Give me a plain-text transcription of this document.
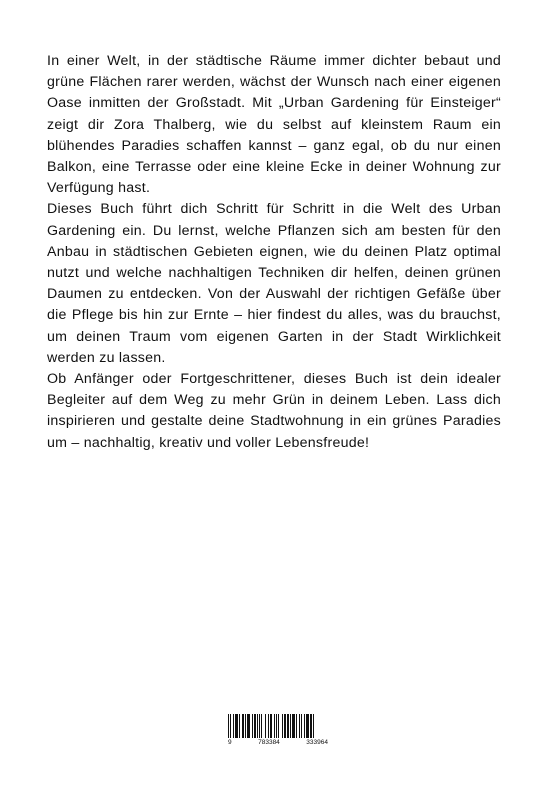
In einer Welt, in der städtische Räume immer dichter bebaut und grüne Flächen rarer werden, wächst der Wunsch nach einer eigenen Oase inmitten der Großstadt. Mit „Urban Gardening für Einsteiger“ zeigt dir Zora Thalberg, wie du selbst auf kleinstem Raum ein blühendes Paradies schaffen kannst – ganz egal, ob du nur einen Balkon, eine Terrasse oder eine kleine Ecke in deiner Wohnung zur Verfügung hast.

Dieses Buch führt dich Schritt für Schritt in die Welt des Urban Gardening ein. Du lernst, welche Pflanzen sich am besten für den Anbau in städtischen Gebieten eignen, wie du deinen Platz optimal nutzt und welche nachhaltigen Techniken dir helfen, deinen grünen Daumen zu entdecken. Von der Auswahl der richtigen Gefäße über die Pflege bis hin zur Ernte – hier findest du alles, was du brauchst, um deinen Traum vom eigenen Garten in der Stadt Wirklichkeit werden zu lassen.

Ob Anfänger oder Fortgeschrittener, dieses Buch ist dein idealer Begleiter auf dem Weg zu mehr Grün in deinem Leben. Lass dich inspirieren und gestalte deine Stadtwohnung in ein grünes Paradies um – nachhaltig, kreativ und voller Lebensfreude!

9	783384	333964
